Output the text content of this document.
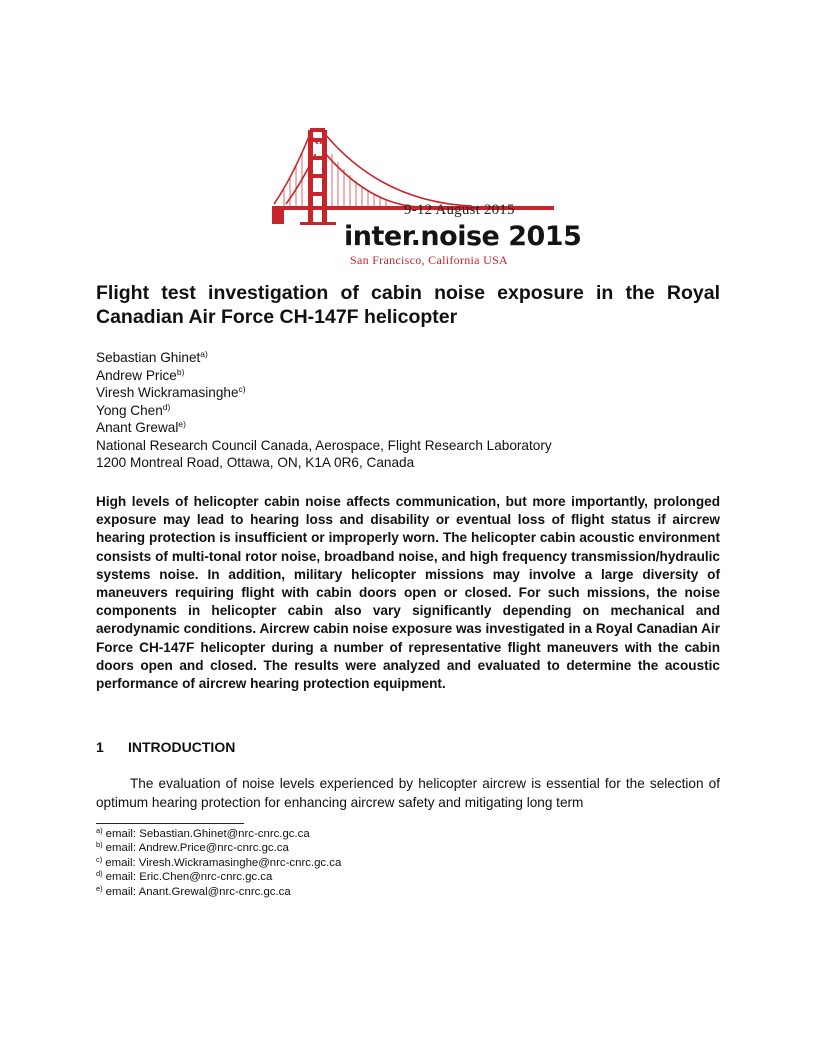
9-12 August 2015
inter.noise 2015
San Francisco, California USA
Flight test investigation of cabin noise exposure in the Royal Canadian Air Force CH-147F helicopter
Sebastian Ghinet$^{a)}$
Andrew Price$^{b)}$
Viresh Wickramasinghe$^{c)}$
Yong Chen$^{d)}$
Anant Grewal$^{e)}$
National Research Council Canada, Aerospace, Flight Research Laboratory
1200 Montreal Road, Ottawa, ON, K1A 0R6, Canada
High levels of helicopter cabin noise affects communication, but more importantly, prolonged exposure may lead to hearing loss and disability or eventual loss of flight status if aircrew hearing protection is insufficient or improperly worn. The helicopter cabin acoustic environment consists of multi-tonal rotor noise, broadband noise, and high frequency transmission/hydraulic systems noise. In addition, military helicopter missions may involve a large diversity of maneuvers requiring flight with cabin doors open or closed. For such missions, the noise components in helicopter cabin also vary significantly depending on mechanical and aerodynamic conditions. Aircrew cabin noise exposure was investigated in a Royal Canadian Air Force CH-147F helicopter during a number of representative flight maneuvers with the cabin doors open and closed. The results were analyzed and evaluated to determine the acoustic performance of aircrew hearing protection equipment.
1 INTRODUCTION
The evaluation of noise levels experienced by helicopter aircrew is essential for the selection of optimum hearing protection for enhancing aircrew safety and mitigating long term
$^{a)}$ email: Sebastian.Ghinet@nrc-cnrc.gc.ca
$^{b)}$ email: Andrew.Price@nrc-cnrc.gc.ca
$^{c)}$ email: Viresh.Wickramasinghe@nrc-cnrc.gc.ca
$^{d)}$ email: Eric.Chen@nrc-cnrc.gc.ca
$^{e)}$ email: Anant.Grewal@nrc-cnrc.gc.ca
